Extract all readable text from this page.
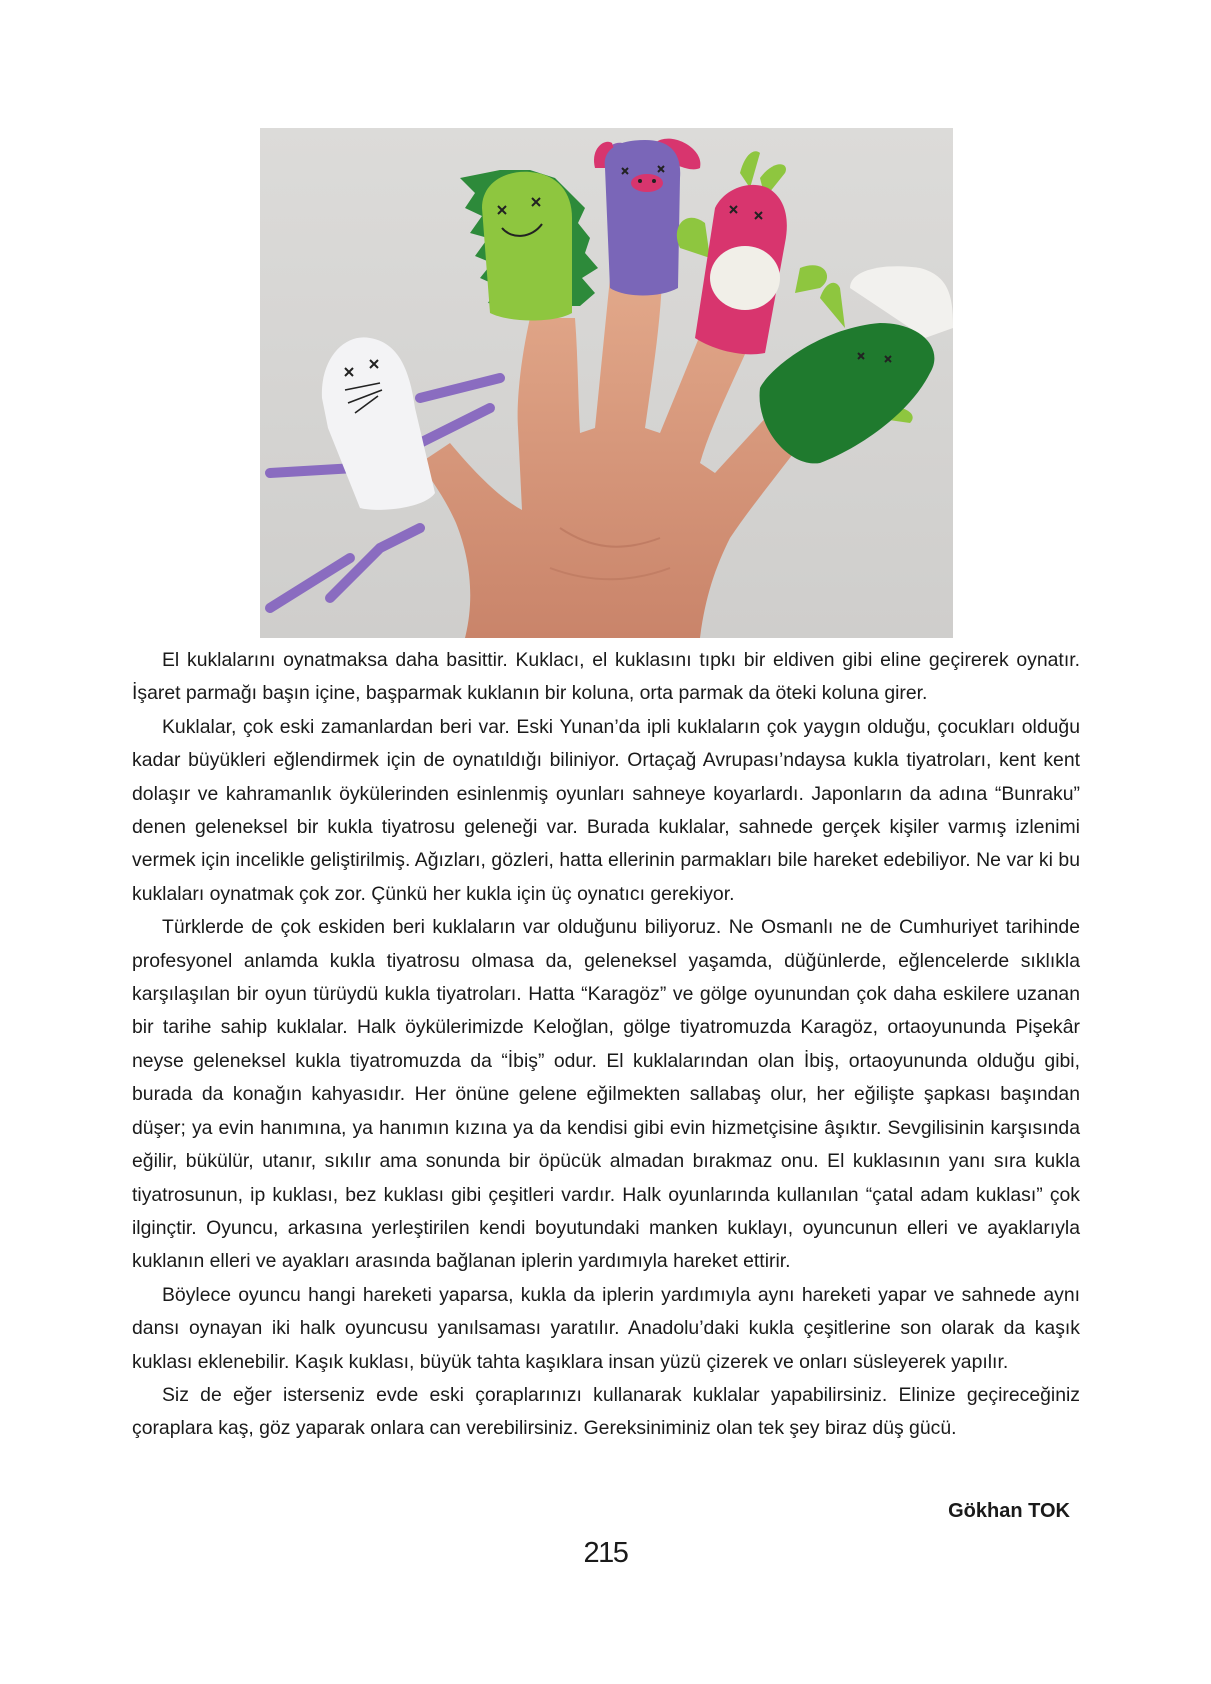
El kuklalarını oynatmaksa daha basittir. Kuklacı, el kuklasını tıpkı bir eldiven gibi eline geçirerek oynatır. İşaret parmağı başın içine, başparmak kuklanın bir koluna, orta parmak da öteki koluna girer.

Kuklalar, çok eski zamanlardan beri var. Eski Yunan’da ipli kuklaların çok yaygın olduğu, çocukları olduğu kadar büyükleri eğlendirmek için de oynatıldığı biliniyor. Ortaçağ Avrupası’ndaysa kukla tiyatroları, kent kent dolaşır ve kahramanlık öykülerinden esinlenmiş oyunları sahneye koyarlardı. Japonların da adına “Bunraku” denen geleneksel bir kukla tiyatrosu geleneği var. Burada kuklalar, sahnede gerçek kişiler varmış izlenimi vermek için incelikle geliştirilmiş. Ağızları, gözleri, hatta ellerinin parmakları bile hareket edebiliyor. Ne var ki bu kuklaları oynatmak çok zor. Çünkü her kukla için üç oynatıcı gerekiyor.

Türklerde de çok eskiden beri kuklaların var olduğunu biliyoruz. Ne Osmanlı ne de Cumhuriyet tarihinde profesyonel anlamda kukla tiyatrosu olmasa da, geleneksel yaşamda, düğünlerde, eğlencelerde sıklıkla karşılaşılan bir oyun türüydü kukla tiyatroları. Hatta “Karagöz” ve gölge oyunundan çok daha eskilere uzanan bir tarihe sahip kuklalar. Halk öykülerimizde Keloğlan, gölge tiyatromuzda Karagöz, ortaoyununda Pişekâr neyse geleneksel kukla tiyatromuzda da “İbiş” odur. El kuklalarından olan İbiş, ortaoyununda olduğu gibi, burada da konağın kahyasıdır. Her önüne gelene eğilmekten sallabaş olur, her eğilişte şapkası başından düşer; ya evin hanımına, ya hanımın kızına ya da kendisi gibi evin hizmetçisine âşıktır. Sevgilisinin karşısında eğilir, bükülür, utanır, sıkılır ama sonunda bir öpücük almadan bırakmaz onu. El kuklasının yanı sıra kukla tiyatrosunun, ip kuklası, bez kuklası gibi çeşitleri vardır. Halk oyunlarında kullanılan “çatal adam kuklası” çok ilginçtir. Oyuncu, arkasına yerleştirilen kendi boyutundaki manken kuklayı, oyuncunun elleri ve ayaklarıyla kuklanın elleri ve ayakları arasında bağlanan iplerin yardımıyla hareket ettirir.

Böylece oyuncu hangi hareketi yaparsa, kukla da iplerin yardımıyla aynı hareketi yapar ve sahnede aynı dansı oynayan iki halk oyuncusu yanılsaması yaratılır. Anadolu’daki kukla çeşitlerine son olarak da kaşık kuklası eklenebilir. Kaşık kuklası, büyük tahta kaşıklara insan yüzü çizerek ve onları süsleyerek yapılır.

Siz de eğer isterseniz evde eski çoraplarınızı kullanarak kuklalar yapabilirsiniz. Elinize geçireceğiniz çoraplara kaş, göz yaparak onlara can verebilirsiniz. Gereksiniminiz olan tek şey biraz düş gücü.

Gökhan TOK
215
